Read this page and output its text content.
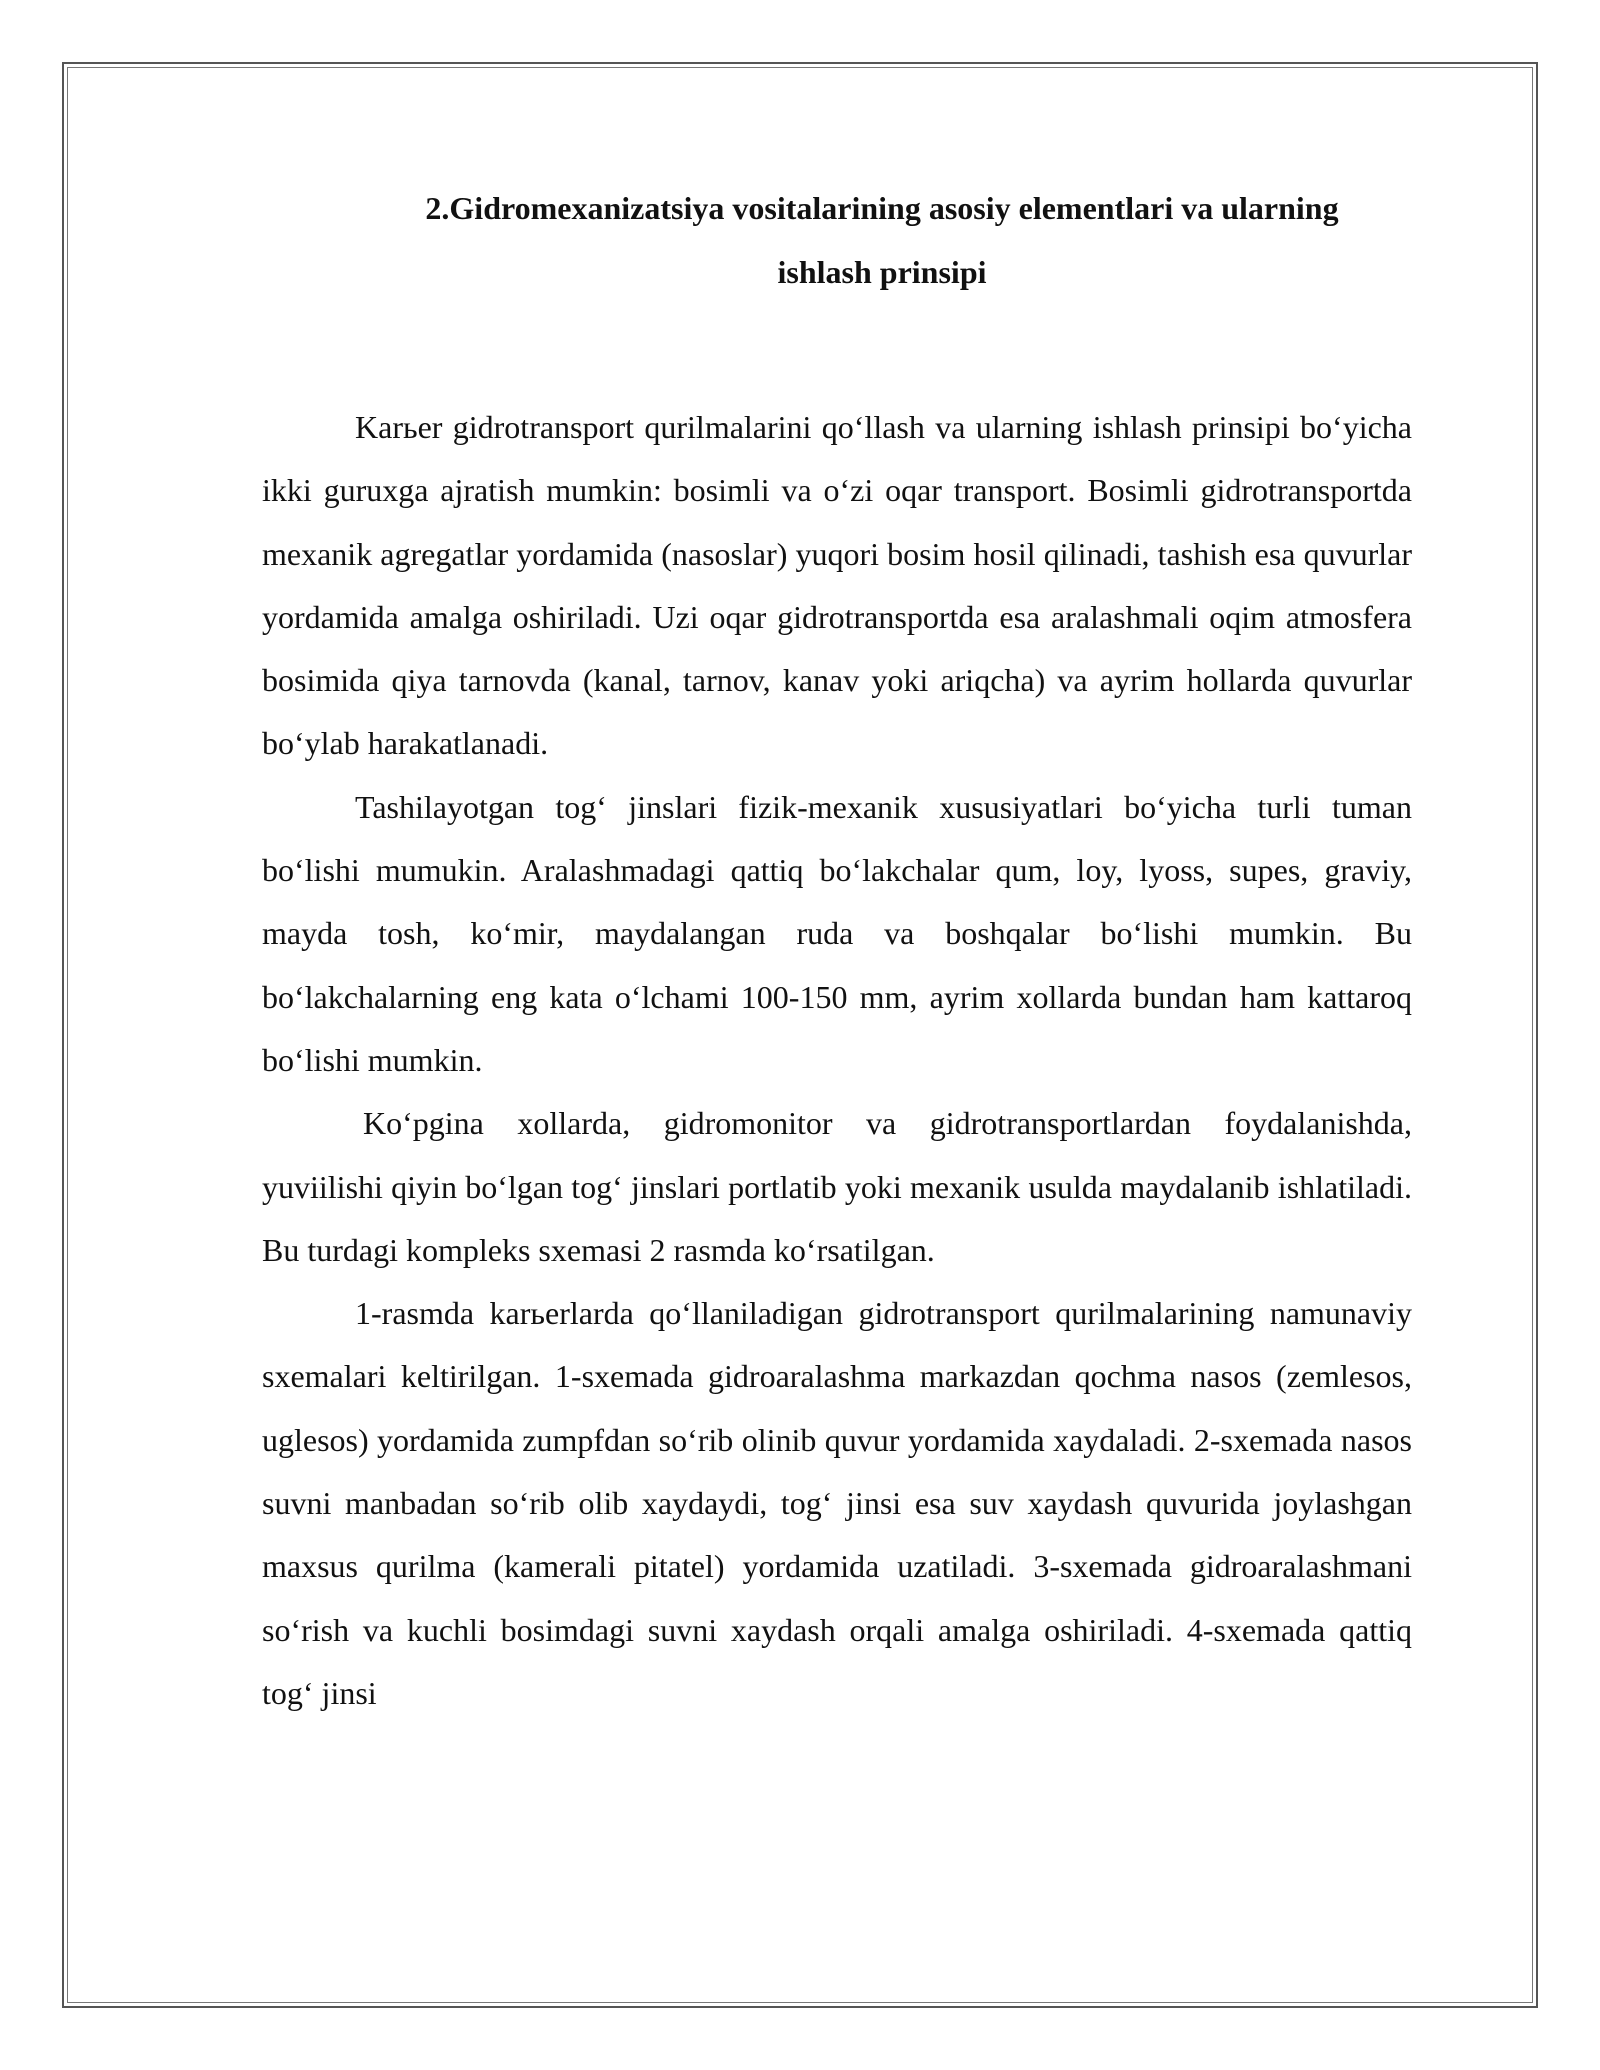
2.Gidromexanizatsiya vositalarining asosiy elementlari va ularning
ishlash prinsipi

Karьer gidrotransport qurilmalarini qo‘llash va ularning ishlash prinsipi bo‘yicha ikki guruxga ajratish mumkin: bosimli va o‘zi oqar transport. Bosimli gidrotransportda mexanik agregatlar yordamida (nasoslar) yuqori bosim hosil qilinadi, tashish esa quvurlar yordamida amalga oshiriladi. Uzi oqar gidrotransportda esa aralashmali oqim atmosfera bosimida qiya tarnovda (kanal, tarnov, kanav yoki ariqcha) va ayrim hollarda quvurlar bo‘ylab harakatlanadi.

Tashilayotgan tog‘ jinslari fizik-mexanik xususiyatlari bo‘yicha turli tuman bo‘lishi mumukin. Aralashmadagi qattiq bo‘lakchalar qum, loy, lyoss, supes, graviy, mayda tosh, ko‘mir, maydalangan ruda va boshqalar bo‘lishi mumkin. Bu bo‘lakchalarning eng kata o‘lchami 100-150 mm, ayrim xollarda bundan ham kattaroq bo‘lishi mumkin.

Ko‘pgina xollarda, gidromonitor va gidrotransportlardan foydalanishda, yuviilishi qiyin bo‘lgan tog‘ jinslari portlatib yoki mexanik usulda maydalanib ishlatiladi. Bu turdagi kompleks sxemasi 2 rasmda ko‘rsatilgan.

1-rasmda karьerlarda qo‘llaniladigan gidrotransport qurilmalarining namunaviy sxemalari keltirilgan. 1-sxemada gidroaralashma markazdan qochma nasos (zemlesos, uglesos) yordamida zumpfdan so‘rib olinib quvur yordamida xaydaladi. 2-sxemada nasos suvni manbadan so‘rib olib xaydaydi, tog‘ jinsi esa suv xaydash quvurida joylashgan maxsus qurilma (kamerali pitatel) yordamida uzatiladi. 3-sxemada gidroaralashmani so‘rish va kuchli bosimdagi suvni xaydash orqali amalga oshiriladi. 4-sxemada qattiq tog‘ jinsi
